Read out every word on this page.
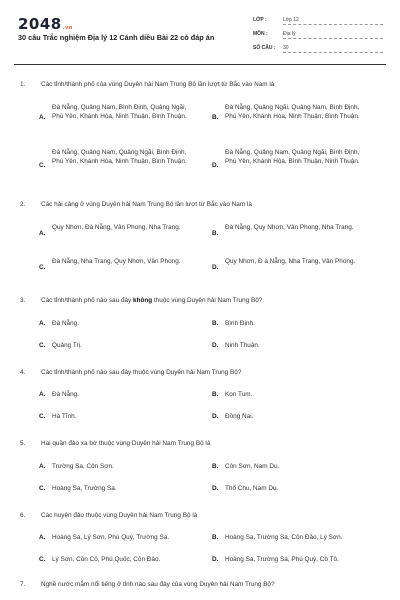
2048.vn
30 câu Trắc nghiệm Địa lý 12 Cánh diều Bài 22 có đáp án
LỚP :	Lớp 12
MÔN :	Địa lý
SỐ CÂU :	30
1. Các tỉnh/thành phố của vùng Duyên hải Nam Trung Bộ lần lượt từ Bắc vào Nam là
A.
Đà Nẵng, Quảng Nam, Bình Định, Quảng Ngãi, Phú Yên, Khánh Hòa, Ninh Thuận, Bình Thuận.	B.
Đà Nẵng, Quảng Ngãi, Quảng Nam, Bình Định, Phú Yên, Khánh Hòa, Ninh Thuận, Bình Thuận.
C.
Đà Nẵng, Quảng Nam, Quảng Ngãi, Bình Định, Phú Yên, Khánh Hòa, Ninh Thuận, Bình Thuận.
D.
Đà Nẵng, Quảng Nam, Quảng Ngãi, Bình Định, Phú Yên, Khánh Hòa, Bình Thuận, Ninh Thuận.
2. Các hải cảng ở vùng Duyên hải Nam Trung Bộ lần lượt từ Bắc vào Nam là
A.
Quy Nhơn, Đà Nẵng, Vân Phong, Nha Trang.
B.
Đà Nẵng, Quy Nhơn, Vân Phong, Nha Trang.
C.
Đà Nẵng, Nha Trang, Quy Nhơn, Vân Phong.
D.
Quy Nhơn, Đ à Nẵng, Nha Trang, Vân Phong.
3. Các tỉnh/thành phố nào sau đây không thuộc vùng Duyên hải Nam Trung Bộ?
A. Đà Nẵng.	B. Bình Định.
C. Quảng Trị.	D. Ninh Thuận.
4. Các tỉnh/thành phố nào sau đây thuộc vùng Duyên hải Nam Trung Bộ?
A. Đà Nẵng.	B. Kon Tum.
C. Hà Tĩnh.	D. Đồng Nai.
5. Hai quần đảo xa bờ thuộc vùng Duyên hải Nam Trung Bộ là
A. Trường Sa, Côn Sơn.	B. Côn Sơn, Nam Du.
C. Hoàng Sa, Trường Sa.	D. Thổ Chu, Nam Du.
6. Các huyện đảo thuộc vùng Duyên hải Nam Trung Bộ là
A. Hoàng Sa, Lý Sơn, Phú Quý, Trường Sa.	B. Hoàng Sa, Trường Sa, Côn Đảo, Lý Sơn.
C. Lý Sơn, Cồn Cỏ, Phú Quốc, Côn Đảo.	D. Hoàng Sa, Trường Sa, Phú Quý, Cô Tô.
7. Nghề nước mắm nổi tiếng ở tỉnh nào sau đây của vùng Duyên hải Nam Trung Bộ?
